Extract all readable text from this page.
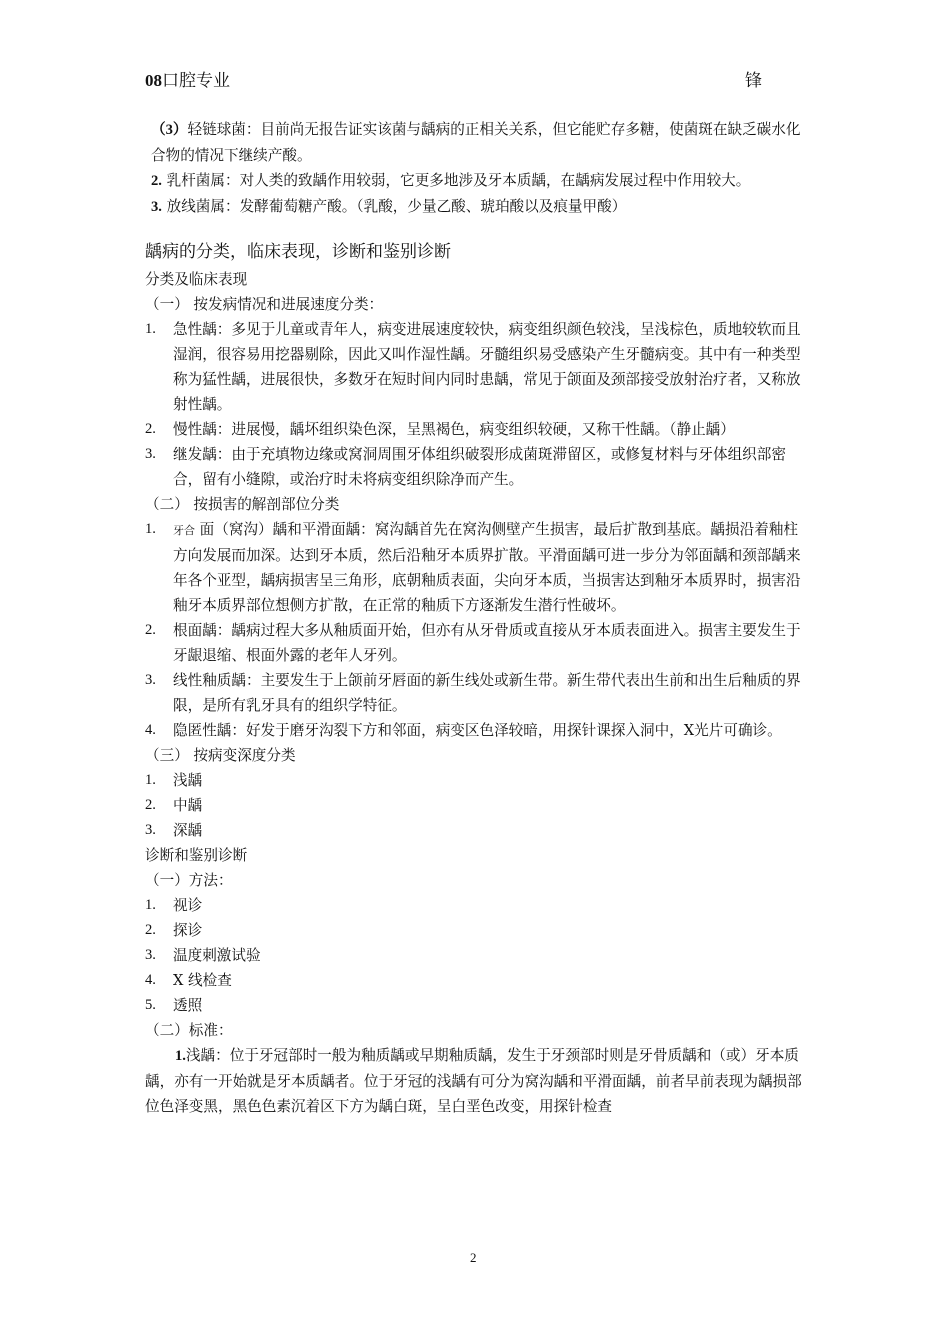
08口腔专业	锋

（3）轻链球菌：目前尚无报告证实该菌与龋病的正相关关系，但它能贮存多糖，使菌斑在缺乏碳水化合物的情况下继续产酸。

2. 乳杆菌属：对人类的致龋作用较弱，它更多地涉及牙本质龋，在龋病发展过程中作用较大。

3. 放线菌属：发酵葡萄糖产酸。（乳酸，少量乙酸、琥珀酸以及痕量甲酸）

龋病的分类，临床表现，诊断和鉴别诊断

分类及临床表现

（一） 按发病情况和进展速度分类：

1. 急性龋：多见于儿童或青年人，病变进展速度较快，病变组织颜色较浅，呈浅棕色，质地较软而且湿润，很容易用挖器剔除，因此又叫作湿性龋。牙髓组织易受感染产生牙髓病变。其中有一种类型称为猛性龋，进展很快，多数牙在短时间内同时患龋，常见于颌面及颈部接受放射治疗者，又称放射性龋。
2. 慢性龋：进展慢，龋坏组织染色深，呈黑褐色，病变组织较硬，又称干性龋。（静止龋）
3. 继发龋：由于充填物边缘或窝洞周围牙体组织破裂形成菌斑滞留区，或修复材料与牙体组织部密合，留有小缝隙，或治疗时未将病变组织除净而产生。

（二） 按损害的解剖部位分类

1. 牙合 面（窝沟）龋和平滑面龋：窝沟龋首先在窝沟侧壁产生损害，最后扩散到基底。龋损沿着釉柱方向发展而加深。达到牙本质，然后沿釉牙本质界扩散。平滑面龋可进一步分为邻面龋和颈部龋来年各个亚型，龋病损害呈三角形，底朝釉质表面，尖向牙本质，当损害达到釉牙本质界时，损害沿釉牙本质界部位想侧方扩散，在正常的釉质下方逐渐发生潜行性破坏。
2. 根面龋：龋病过程大多从釉质面开始，但亦有从牙骨质或直接从牙本质表面进入。损害主要发生于牙龈退缩、根面外露的老年人牙列。
3. 线性釉质龋：主要发生于上颌前牙唇面的新生线处或新生带。新生带代表出生前和出生后釉质的界限，是所有乳牙具有的组织学特征。
4. 隐匿性龋：好发于磨牙沟裂下方和邻面，病变区色泽较暗，用探针课探入洞中，X光片可确诊。

（三） 按病变深度分类

1. 浅龋
2. 中龋
3. 深龋

诊断和鉴别诊断

（一）方法：

1. 视诊
2. 探诊
3. 温度刺激试验
4. X 线检查
5. 透照

（二）标准：

1.浅龋：位于牙冠部时一般为釉质龋或早期釉质龋，发生于牙颈部时则是牙骨质龋和（或）牙本质龋，亦有一开始就是牙本质龋者。位于牙冠的浅龋有可分为窝沟龋和平滑面龋，前者早前表现为龋损部位色泽变黑，黑色色素沉着区下方为龋白斑，呈白垩色改变，用探针检查

2
